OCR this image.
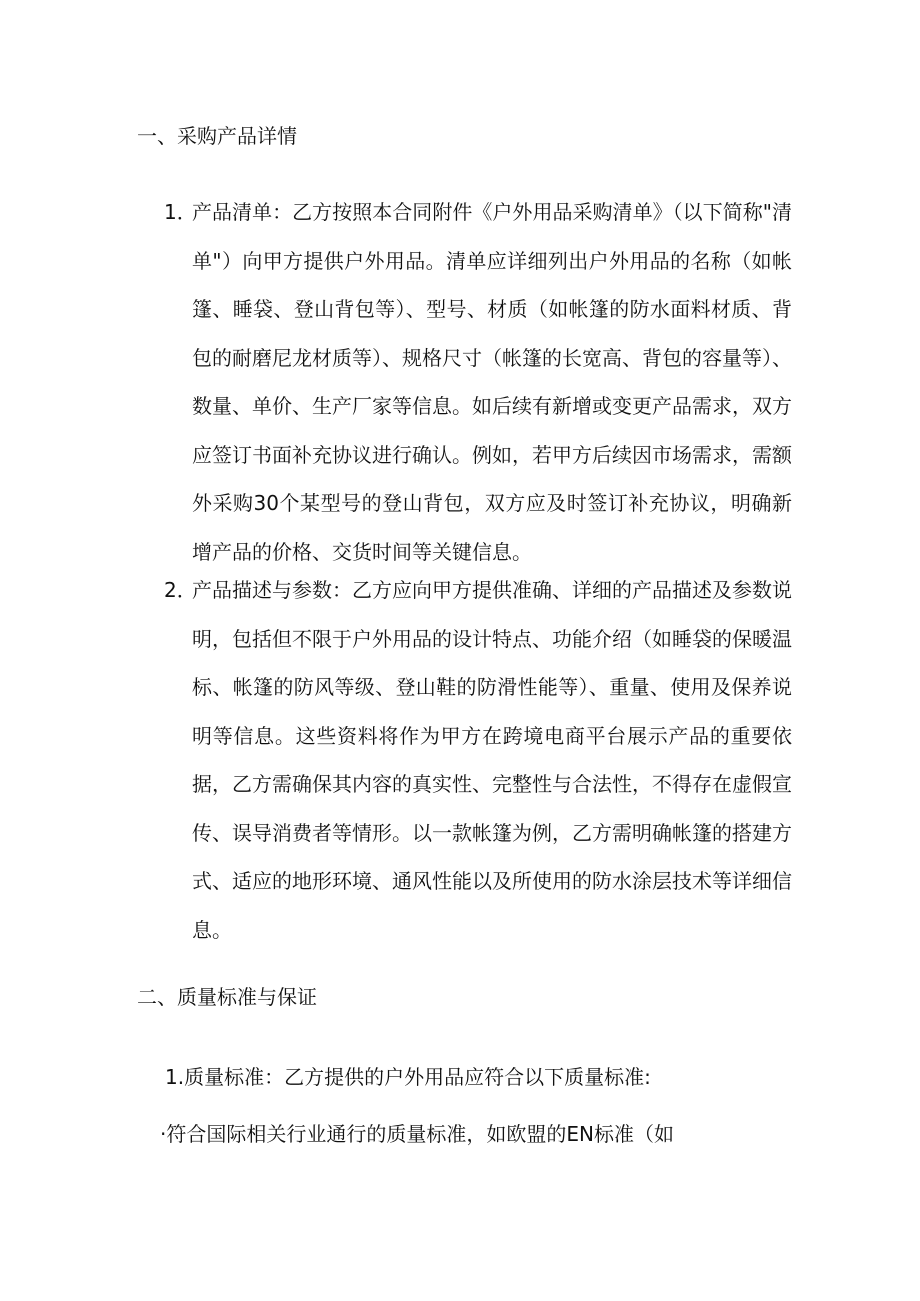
一、采购产品详情
1．
产品清单：乙方按照本合同附件《户外用品采购清单》（以下简称"清单"）向甲方提供户外用品。清单应详细列出户外用品的名称（如帐篷、睡袋、登山背包等）、型号、材质（如帐篷的防水面料材质、背包的耐磨尼龙材质等）、规格尺寸（帐篷的长宽高、背包的容量等）、数量、单价、生产厂家等信息。如后续有新增或变更产品需求，双方应签订书面补充协议进行确认。例如，若甲方后续因市场需求，需额外采购30个某型号的登山背包，双方应及时签订补充协议，明确新增产品的价格、交货时间等关键信息。
2．
产品描述与参数：乙方应向甲方提供准确、详细的产品描述及参数说明，包括但不限于户外用品的设计特点、功能介绍（如睡袋的保暖温标、帐篷的防风等级、登山鞋的防滑性能等）、重量、使用及保养说明等信息。这些资料将作为甲方在跨境电商平台展示产品的重要依据，乙方需确保其内容的真实性、完整性与合法性，不得存在虚假宣传、误导消费者等情形。以一款帐篷为例，乙方需明确帐篷的搭建方式、适应的地形环境、通风性能以及所使用的防水涂层技术等详细信息。
二、质量标准与保证
1.质量标准：乙方提供的户外用品应符合以下质量标准:
·符合国际相关行业通行的质量标准，如欧盟的EN标准（如
